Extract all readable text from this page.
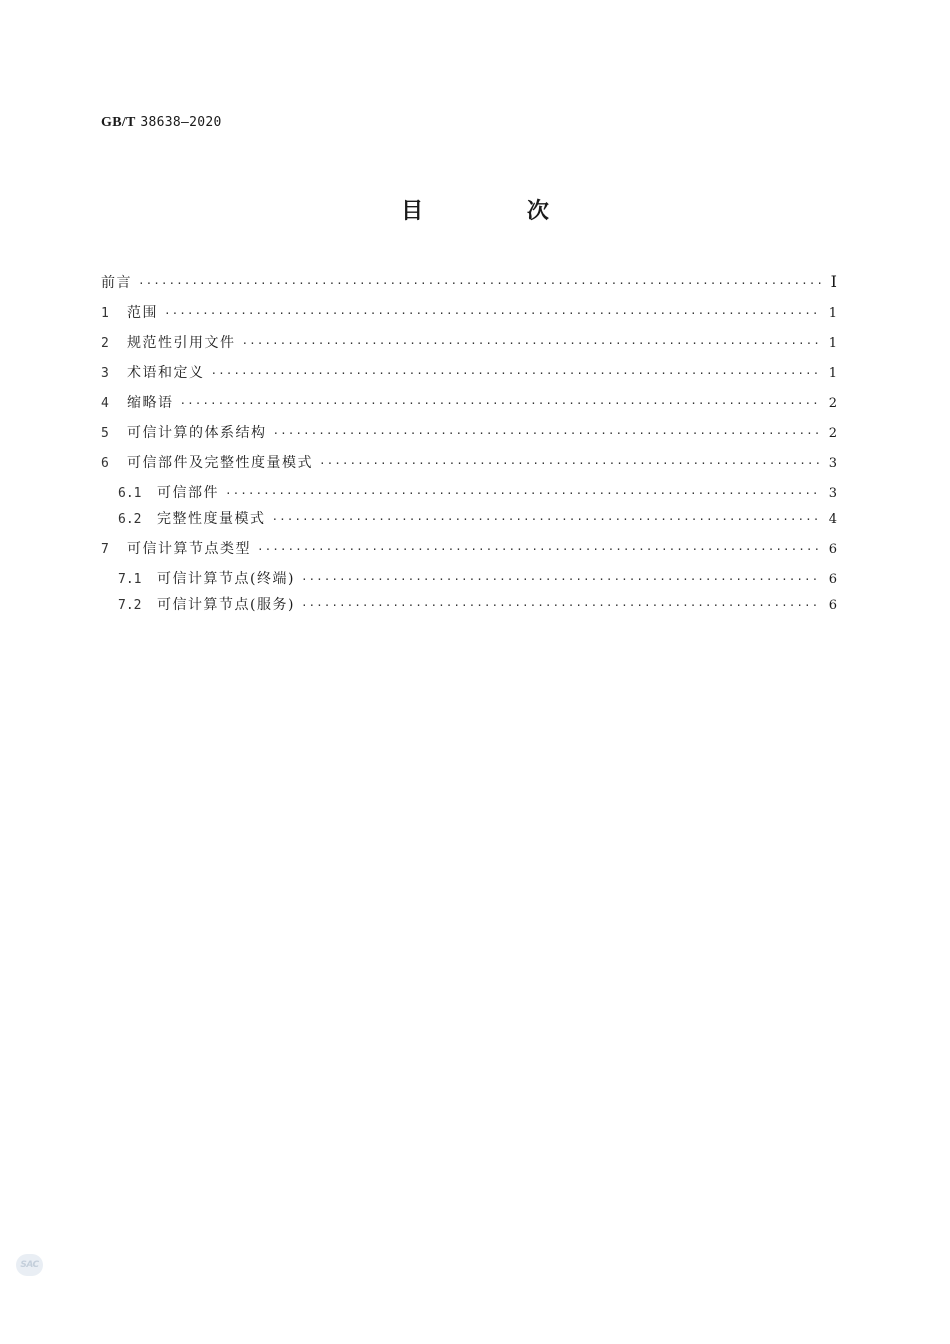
GB/T 38638—2020
目 次
前言 ·····	Ⅰ
1	范围 ·····	1
2	规范性引用文件 ·····	1
3	术语和定义 ·····	1
4	缩略语 ·····	2
5	可信计算的体系结构 ·····	2
6	可信部件及完整性度量模式 ·····	3
6.1	可信部件 ·····	3
6.2	完整性度量模式 ·····	4
7	可信计算节点类型 ·····	6
7.1	可信计算节点(终端) ·····	6
7.2	可信计算节点(服务) ·····	6
SAC
